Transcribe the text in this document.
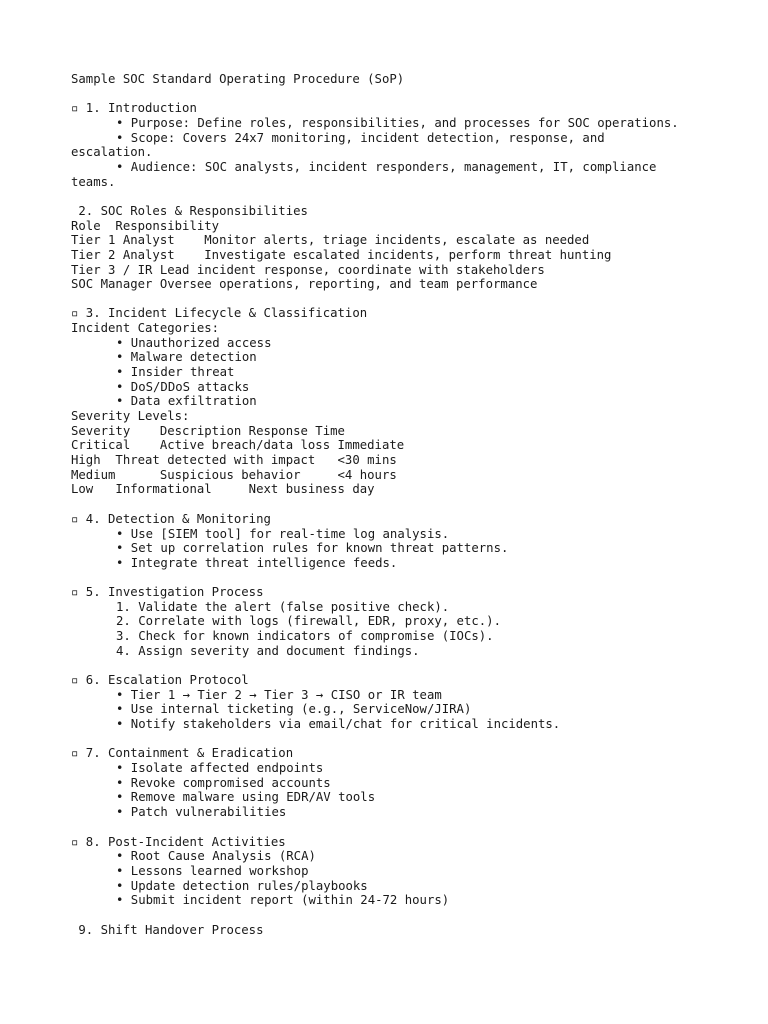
Sample SOC Standard Operating Procedure (SoP)
▫ 1. Introduction
• Purpose: Define roles, responsibilities, and processes for SOC operations.
• Scope: Covers 24x7 monitoring, incident detection, response, and
escalation.
• Audience: SOC analysts, incident responders, management, IT, compliance
teams.
2. SOC Roles & Responsibilities
Role  Responsibility
Tier 1 Analyst    Monitor alerts, triage incidents, escalate as needed
Tier 2 Analyst    Investigate escalated incidents, perform threat hunting
Tier 3 / IR Lead incident response, coordinate with stakeholders
SOC Manager Oversee operations, reporting, and team performance
▫ 3. Incident Lifecycle & Classification
Incident Categories:
• Unauthorized access
• Malware detection
• Insider threat
• DoS/DDoS attacks
• Data exfiltration
Severity Levels:
Severity    Description Response Time
Critical    Active breach/data loss Immediate
High  Threat detected with impact   <30 mins
Medium      Suspicious behavior     <4 hours
Low   Informational     Next business day
▫ 4. Detection & Monitoring
• Use [SIEM tool] for real-time log analysis.
• Set up correlation rules for known threat patterns.
• Integrate threat intelligence feeds.
▫ 5. Investigation Process
1. Validate the alert (false positive check).
2. Correlate with logs (firewall, EDR, proxy, etc.).
3. Check for known indicators of compromise (IOCs).
4. Assign severity and document findings.
▫ 6. Escalation Protocol
• Tier 1 → Tier 2 → Tier 3 → CISO or IR team
• Use internal ticketing (e.g., ServiceNow/JIRA)
• Notify stakeholders via email/chat for critical incidents.
▫ 7. Containment & Eradication
• Isolate affected endpoints
• Revoke compromised accounts
• Remove malware using EDR/AV tools
• Patch vulnerabilities
▫ 8. Post-Incident Activities
• Root Cause Analysis (RCA)
• Lessons learned workshop
• Update detection rules/playbooks
• Submit incident report (within 24-72 hours)
9. Shift Handover Process
